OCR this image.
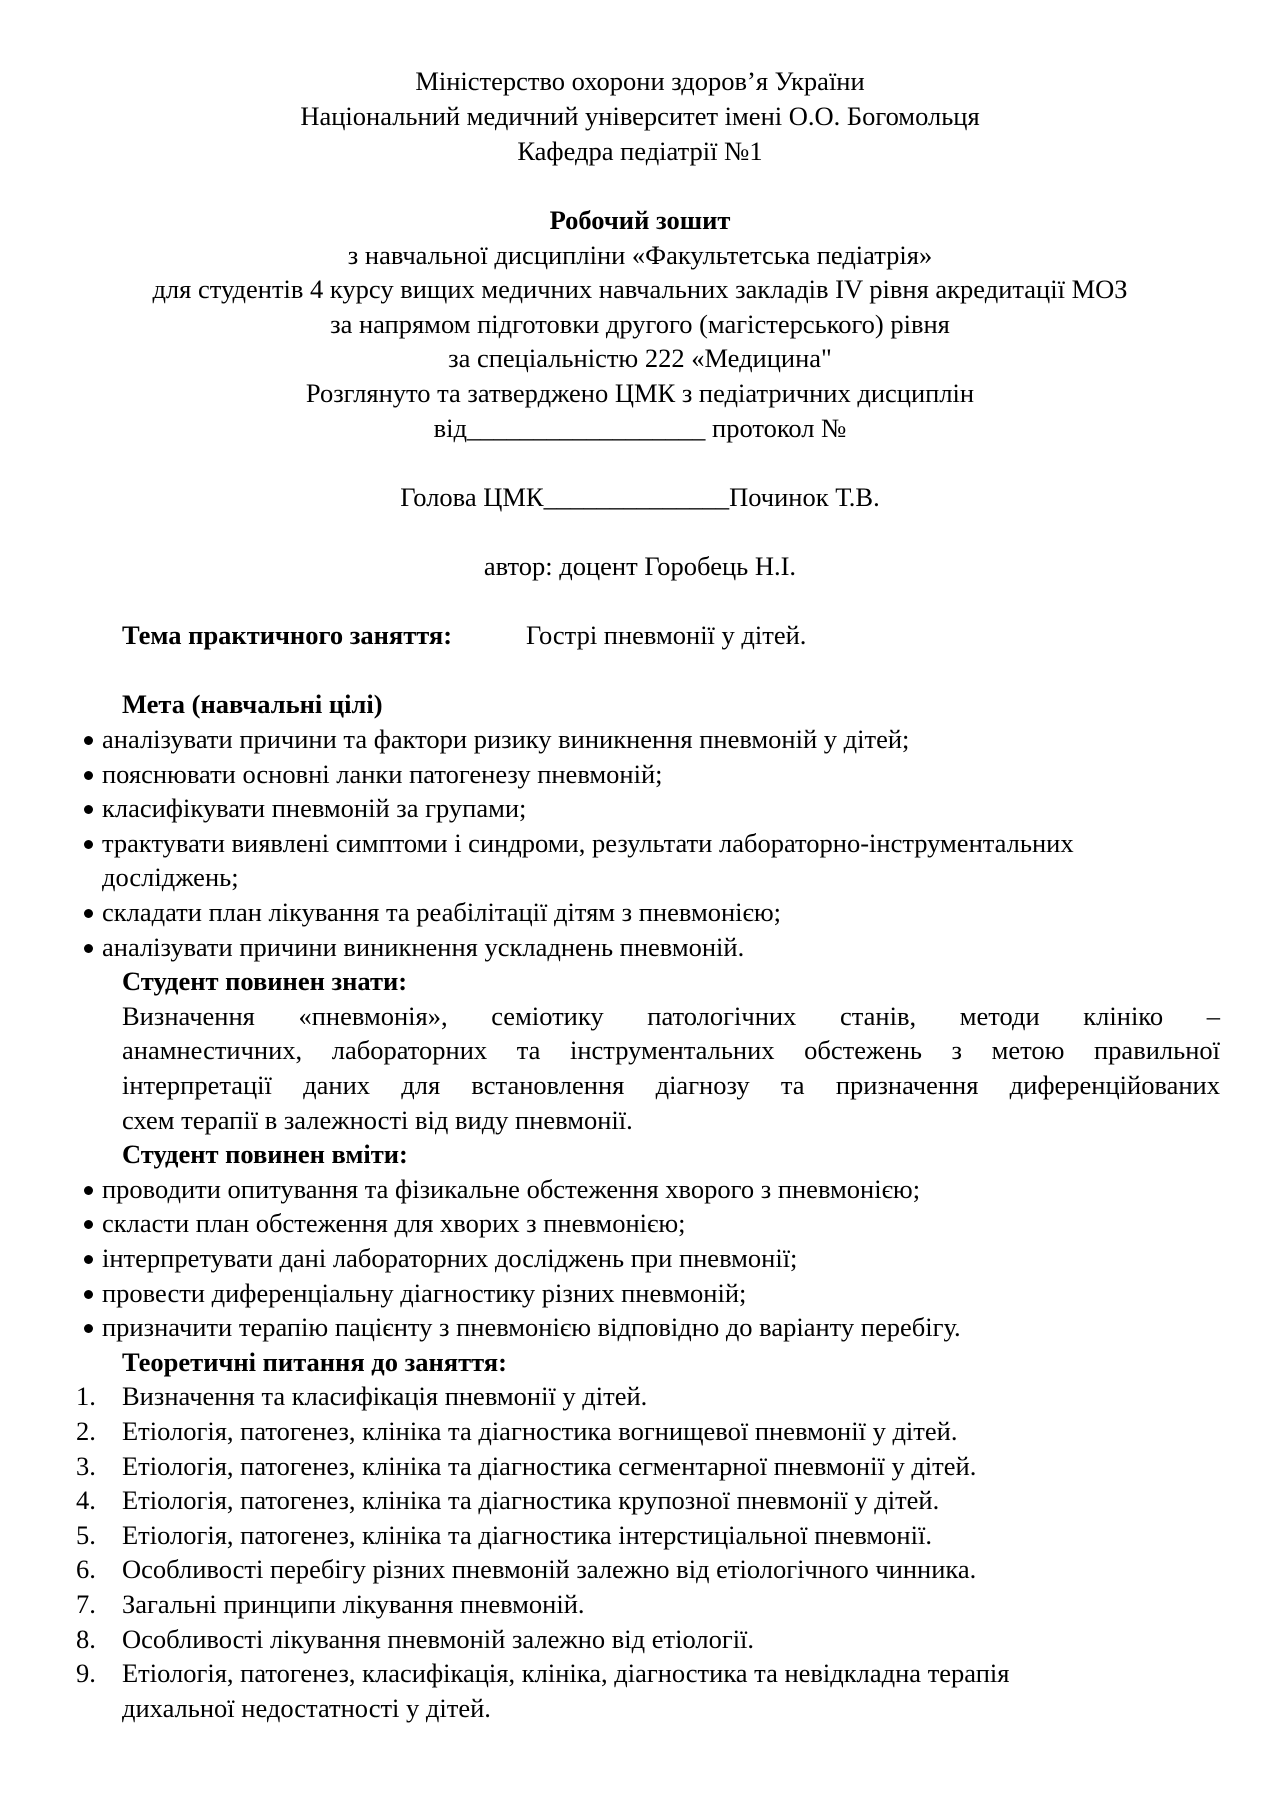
Міністерство охорони здоров’я України
Національний медичний університет імені О.О. Богомольця
Кафедра педіатрії №1
Робочий зошит
з навчальної дисципліни «Факультетська педіатрія»
для студентів 4 курсу вищих медичних навчальних закладів IV рівня акредитації МОЗ
за напрямом підготовки другого (магістерського) рівня
за спеціальністю 222 «Медицина"
Розглянуто та затверджено ЦМК з педіатричних дисциплін
від__________________ протокол №
Голова ЦМК______________Починок Т.В.
автор: доцент Горобець Н.І.
Тема практичного заняття:	Гострі пневмонії у дітей.
Мета (навчальні цілі)
аналізувати причини та фактори ризику виникнення пневмоній у дітей;
пояснювати основні ланки патогенезу пневмоній;
класифікувати пневмоній за групами;
трактувати виявлені симптоми і синдроми, результати лабораторно-інструментальних
досліджень;
складати план лікування та реабілітації дітям з пневмонією;
аналізувати причини виникнення ускладнень пневмоній.
Студент повинен знати:
Визначення «пневмонія», семіотику патологічних станів, методи клініко –
анамнестичних, лабораторних та інструментальних обстежень з метою правильної
інтерпретації даних для встановлення діагнозу та призначення диференційованих
схем терапії в залежності від виду пневмонії.
Студент повинен вміти:
проводити опитування та фізикальне обстеження хворого з пневмонією;
скласти план обстеження для хворих з пневмонією;
інтерпретувати дані лабораторних досліджень при пневмонії;
провести диференціальну діагностику різних пневмоній;
призначити терапію пацієнту з пневмонією відповідно до варіанту перебігу.
Теоретичні питання до заняття:
1. Визначення та класифікація пневмонії у дітей.
2. Етіологія, патогенез, клініка та діагностика вогнищевої пневмонії у дітей.
3. Етіологія, патогенез, клініка та діагностика сегментарної пневмонії у дітей.
4. Етіологія, патогенез, клініка та діагностика крупозної пневмонії у дітей.
5. Етіологія, патогенез, клініка та діагностика інтерстиціальної пневмонії.
6. Особливості перебігу різних пневмоній залежно від етіологічного чинника.
7. Загальні принципи лікування пневмоній.
8. Особливості лікування пневмоній залежно від етіології.
9. Етіологія, патогенез, класифікація, клініка, діагностика та невідкладна терапія
дихальної недостатності у дітей.
